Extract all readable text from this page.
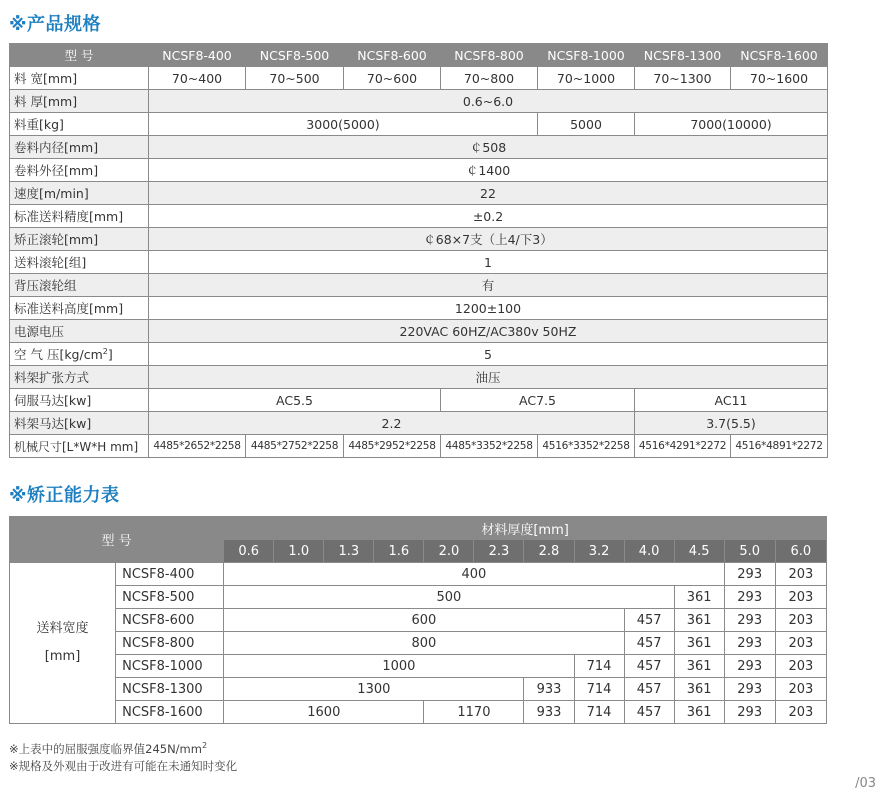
※产品规格
型 号	NCSF8-400	NCSF8-500	NCSF8-600	NCSF8-800	NCSF8-1000	NCSF8-1300	NCSF8-1600
料 宽[mm]	70~400	70~500	70~600	70~800	70~1000	70~1300	70~1600
料 厚[mm]	0.6~6.0						
料重[kg]	3000(5000)				5000	7000(10000)	
卷料内径[mm]	￠508						
卷料外径[mm]	￠1400						
速度[m/min]	22						
标准送料精度[mm]	±0.2						
矫正滚轮[mm]	￠68×7支（上4/下3）						
送料滚轮[组]	1						
背压滚轮组	有						
标准送料高度[mm]	1200±100						
电源电压	220VAC 60HZ/AC380v 50HZ						
空 气 压$[kg/cm^2]$	5						
料架扩张方式	油压						
伺服马达[kw]	AC5.5			AC7.5		AC11	
料架马达[kw]	2.2					3.7(5.5)	
机械尺寸[L*W*H mm]	4485*2652*2258	4485*2752*2258	4485*2952*2258	4485*3352*2258	4516*3352*2258	4516*4291*2272	4516*4891*2272
※矫正能力表
型 号		材料厚度[mm]											
		0.6	1.0	1.3	1.6	2.0	2.3	2.8	3.2	4.0	4.5	5.0	6.0

送料宽度
[mm]	NCSF8-400	400										293	203
	NCSF8-500	500									361	293	203
	NCSF8-600	600								457	361	293	203
	NCSF8-800	800								457	361	293	203
	NCSF8-1000	1000							714	457	361	293	203
	NCSF8-1300	1300						933	714	457	361	293	203
	NCSF8-1600	1600				1170		933	714	457	361	293	203
※上表中的屈服强度临界值$245N/mm^2$
※规格及外观由于改进有可能在未通知时变化
/03
